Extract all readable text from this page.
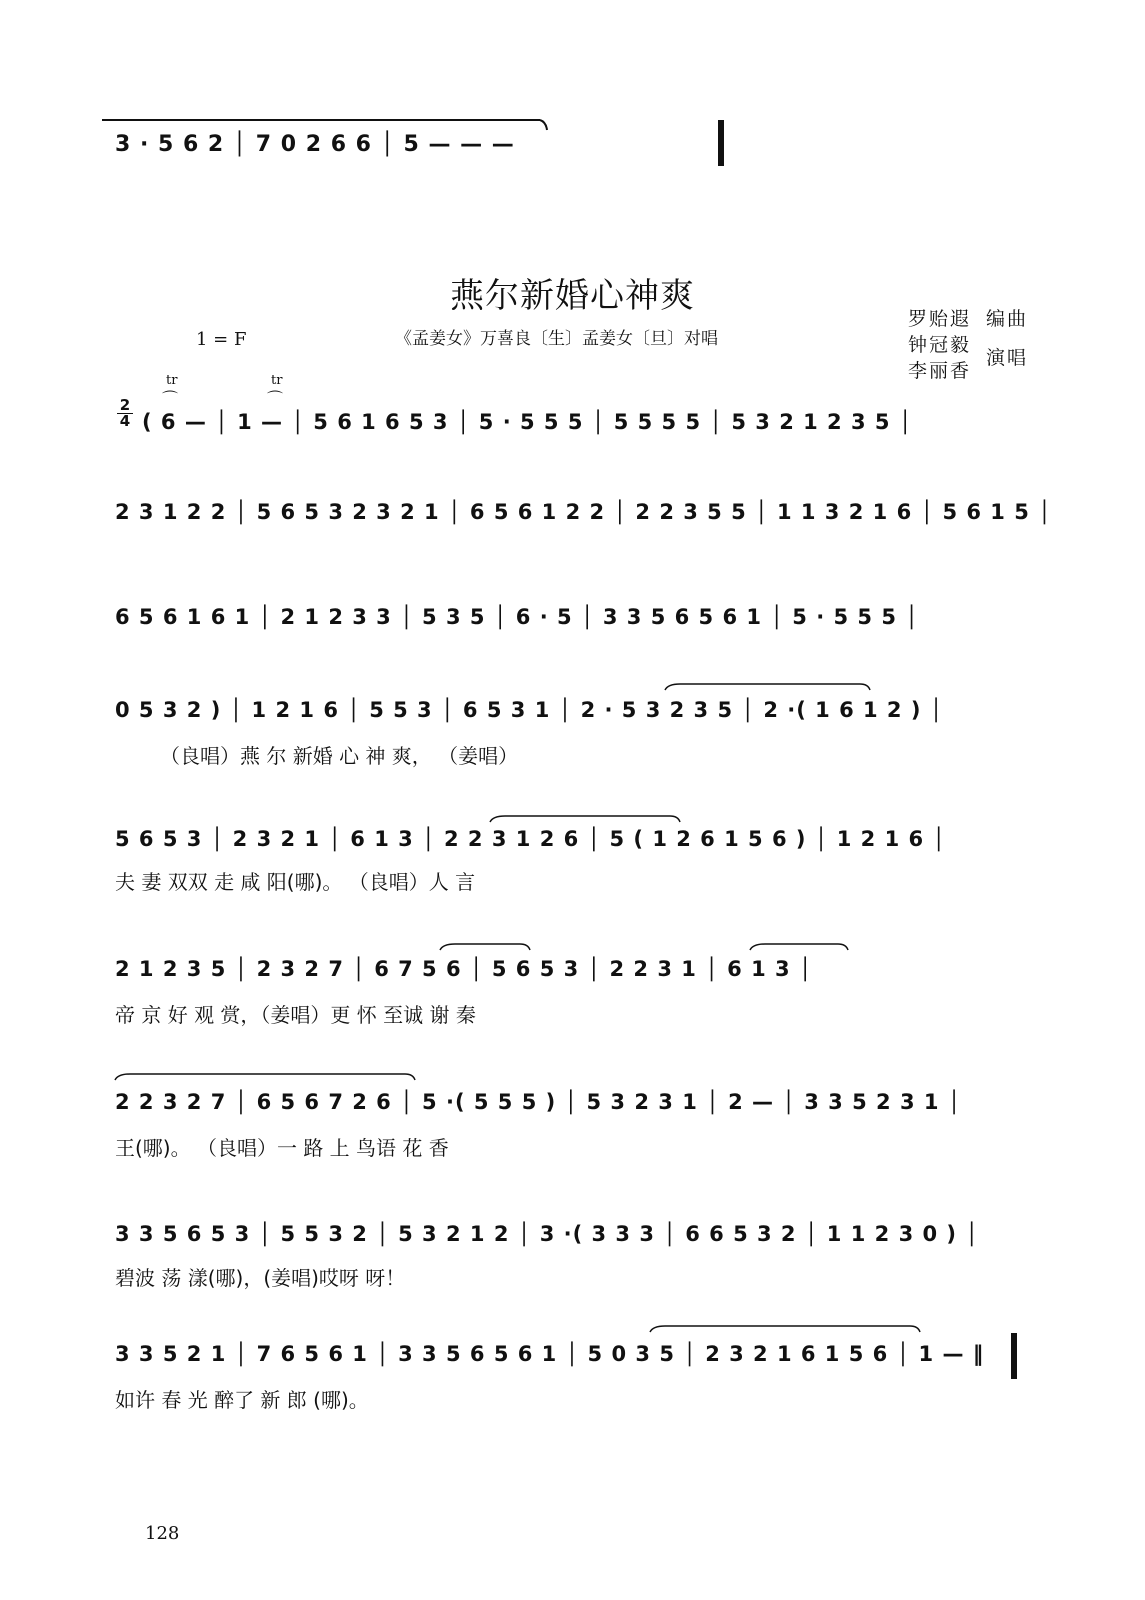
3 · 5 6 2 │ 7 0 2 6 6 │ 5 — — —
燕尔新婚心神爽
1 = F	《孟姜女》万喜良〔生〕孟姜女〔旦〕对唱
罗贻遐 编曲
钟冠毅
李丽香
演唱
2
4
tr
⌒
tr
⌒
( 6 — │ 1 — │ 5 6 1 6 5 3 │ 5 · 5 5 5 │ 5 5 5 5 │ 5 3 2 1 2 3 5 │
2 3 1 2 2 │ 5 6 5 3 2 3 2 1 │ 6 5 6 1 2 2 │ 2 2 3 5 5 │ 1 1 3 2 1 6 │ 5 6 1 5 │
6 5 6 1 6 1 │ 2 1 2 3 3 │ 5 3 5 │ 6 · 5 │ 3 3 5 6 5 6 1 │ 5 · 5 5 5 │
0 5 3 2 ) │ 1 2 1 6 │ 5 5 3 │ 6 5 3 1 │ 2 · 5 3 2 3 5 │ 2 ·( 1 6 1 2 ) │
（良唱）燕 尔 新婚 心 神 爽， （姜唱）
5 6 5 3 │ 2 3 2 1 │ 6 1 3 │ 2 2 3 1 2 6 │ 5 ( 1 2 6 1 5 6 ) │ 1 2 1 6 │
夫 妻 双双 走 咸 阳(哪)。 （良唱）人 言
2 1 2 3 5 │ 2 3 2 7 │ 6 7 5 6 │ 5 6 5 3 │ 2 2 3 1 │ 6 1 3 │
帝 京 好 观 赏，（姜唱）更 怀 至诚 谢 秦
2 2 3 2 7 │ 6 5 6 7 2 6 │ 5 ·( 5 5 5 ) │ 5 3 2 3 1 │ 2 — │ 3 3 5 2 3 1 │
王(哪)。 （良唱）一 路 上 鸟语 花 香
3 3 5 6 5 3 │ 5 5 3 2 │ 5 3 2 1 2 │ 3 ·( 3 3 3 │ 6 6 5 3 2 │ 1 1 2 3 0 ) │
碧波 荡 漾(哪)，(姜唱)哎呀 呀！
3 3 5 2 1 │ 7 6 5 6 1 │ 3 3 5 6 5 6 1 │ 5 0 3 5 │ 2 3 2 1 6 1 5 6 │ 1 — ‖
如许 春 光 醉了 新 郎 (哪)。
128
